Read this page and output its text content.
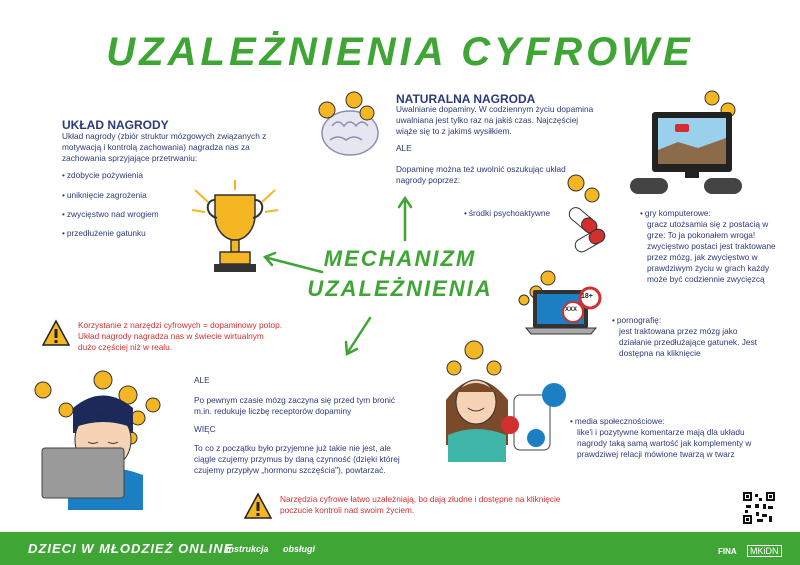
UZALEŻNIENIA CYFROWE
UKŁAD NAGRODY
Układ nagrody (zbiór struktur mózgowych związanych z motywacją i kontrolą zachowania) nagradza nas za zachowania sprzyjające przetrwaniu:
• zdobycie pożywienia
• uniknięcie zagrożenia
• zwycięstwo nad wrogiem
• przedłużenie gatunku
NATURALNA NAGRODA
Uwalnianie dopaminy. W codziennym życiu dopamina uwalniana jest tylko raz na jakiś czas. Najczęściej wiąże się to z jakimś wysiłkiem.
ALE
Dopaminę można też uwolnić oszukując układ nagrody poprzez:
MECHANIZM
UZALEŻNIENIA
• środki psychoaktywne
•	gry komputerowe:

gracz utożsamia się z postacią w grze: To ja pokonałem wroga! zwycięstwo postaci jest traktowane przez mózg, jak zwycięstwo w prawdziwym życiu w grach każdy może być codziennie zwycięzcą
18+
XXX
• pornografię:

jest traktowana przez mózg jako działanie przedłużające gatunek. Jest dostępna na kliknięcie
Korzystanie z narzędzi cyfrowych = dopaminowy potop. Układ nagrody nagradza nas w świecie wirtualnym dużo częściej niż w realu.
ALE
Po pewnym czasie mózg zaczyna się przed tym bronić m.in. redukuje liczbę receptorów dopaminy
WIĘC
To co z początku było przyjemne już takie nie jest, ale ciągle czujemy przymus by daną czynność (dzięki której czujemy przypływ „hormonu szczęścia"), powtarzać.
• media społecznościowe:

like'i i pozytywne komentarze mają dla układu nagrody taką samą wartość jak komplementy w prawdziwej relacji mówione twarzą w twarz
Narzędzia cyfrowe łatwo uzależniają, bo dają złudne i dostępne na kliknięcie poczucie kontroli nad swoim życiem.
DZIECI W MŁODZIEŻ ONLINE
instrukcja obsługi	FINA	MKiDN
